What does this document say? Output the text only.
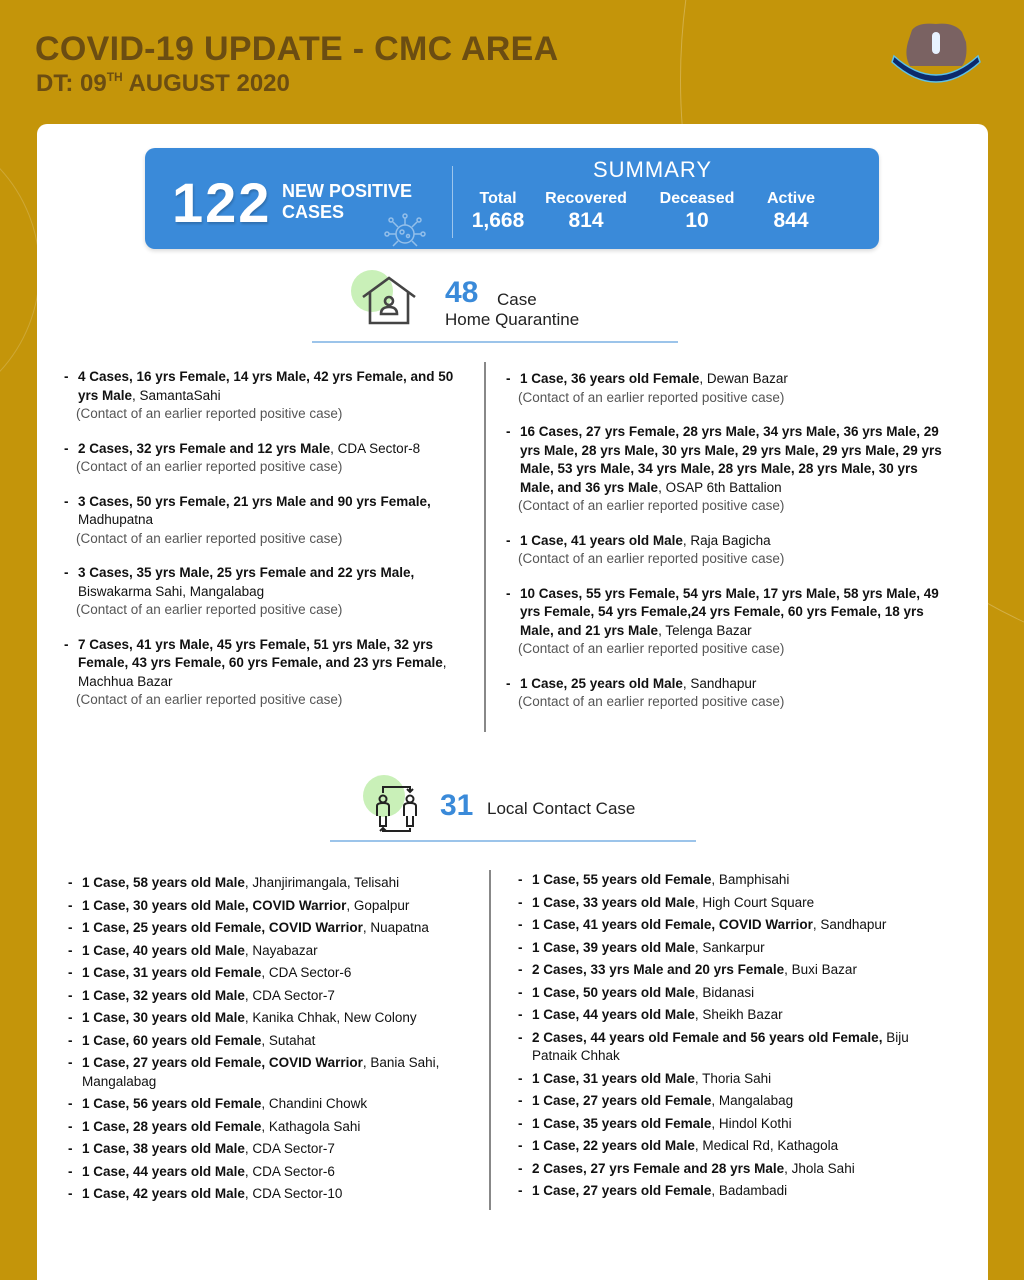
COVID-19 UPDATE - CMC AREA
DT: 09TH AUGUST 2020
122 NEW POSITIVE
CASES
SUMMARY
Total
1,668
Recovered
814
Deceased
10
Active
844
48 Case
Home Quarantine
- 4 Cases, 16 yrs Female, 14 yrs Male, 42 yrs Female, and 50 yrs Male, SamantaSahi
(Contact of an earlier reported positive case)
- 2 Cases, 32 yrs Female and 12 yrs Male, CDA Sector-8
(Contact of an earlier reported positive case)
- 3 Cases, 50 yrs Female, 21 yrs Male and 90 yrs Female, Madhupatna
(Contact of an earlier reported positive case)
- 3 Cases, 35 yrs Male, 25 yrs Female and 22 yrs Male, Biswakarma Sahi, Mangalabag
(Contact of an earlier reported positive case)
- 7 Cases, 41 yrs Male, 45 yrs Female, 51 yrs Male, 32 yrs Female, 43 yrs Female, 60 yrs Female, and 23 yrs Female, Machhua Bazar
(Contact of an earlier reported positive case)
- 1 Case, 36 years old Female, Dewan Bazar
(Contact of an earlier reported positive case)
- 16 Cases, 27 yrs Female, 28 yrs Male, 34 yrs Male, 36 yrs Male, 29 yrs Male, 28 yrs Male, 30 yrs Male, 29 yrs Male, 29 yrs Male, 29 yrs Male, 53 yrs Male, 34 yrs Male, 28 yrs Male, 28 yrs Male, 30 yrs Male, and 36 yrs Male, OSAP 6th Battalion
(Contact of an earlier reported positive case)
- 1 Case, 41 years old Male, Raja Bagicha
(Contact of an earlier reported positive case)
- 10 Cases, 55 yrs Female, 54 yrs Male, 17 yrs Male, 58 yrs Male, 49 yrs Female, 54 yrs Female,24 yrs Female, 60 yrs Female, 18 yrs Male, and 21 yrs Male, Telenga Bazar
(Contact of an earlier reported positive case)
- 1 Case, 25 years old Male, Sandhapur
(Contact of an earlier reported positive case)
31 Local Contact Case
- 1 Case, 58 years old Male, Jhanjirimangala, Telisahi
- 1 Case, 30 years old Male, COVID Warrior, Gopalpur
- 1 Case, 25 years old Female, COVID Warrior, Nuapatna
- 1 Case, 40 years old Male, Nayabazar
- 1 Case, 31 years old Female, CDA Sector-6
- 1 Case, 32 years old Male, CDA Sector-7
- 1 Case, 30 years old Male, Kanika Chhak, New Colony
- 1 Case, 60 years old Female, Sutahat
- 1 Case, 27 years old Female, COVID Warrior, Bania Sahi, Mangalabag
- 1 Case, 56 years old Female, Chandini Chowk
- 1 Case, 28 years old Female, Kathagola Sahi
- 1 Case, 38 years old Male, CDA Sector-7
- 1 Case, 44 years old Male, CDA Sector-6
- 1 Case, 42 years old Male, CDA Sector-10
- 1 Case, 55 years old Female, Bamphisahi
- 1 Case, 33 years old Male, High Court Square
- 1 Case, 41 years old Female, COVID Warrior, Sandhapur
- 1 Case, 39 years old Male, Sankarpur
- 2 Cases, 33 yrs Male and 20 yrs Female, Buxi Bazar
- 1 Case, 50 years old Male, Bidanasi
- 1 Case, 44 years old Male, Sheikh Bazar
- 2 Cases, 44 years old Female and 56 years old Female, Biju Patnaik Chhak
- 1 Case, 31 years old Male, Thoria Sahi
- 1 Case, 27 years old Female, Mangalabag
- 1 Case, 35 years old Female, Hindol Kothi
- 1 Case, 22 years old Male, Medical Rd, Kathagola
- 2 Cases, 27 yrs Female and 28 yrs Male, Jhola Sahi
- 1 Case, 27 years old Female, Badambadi
